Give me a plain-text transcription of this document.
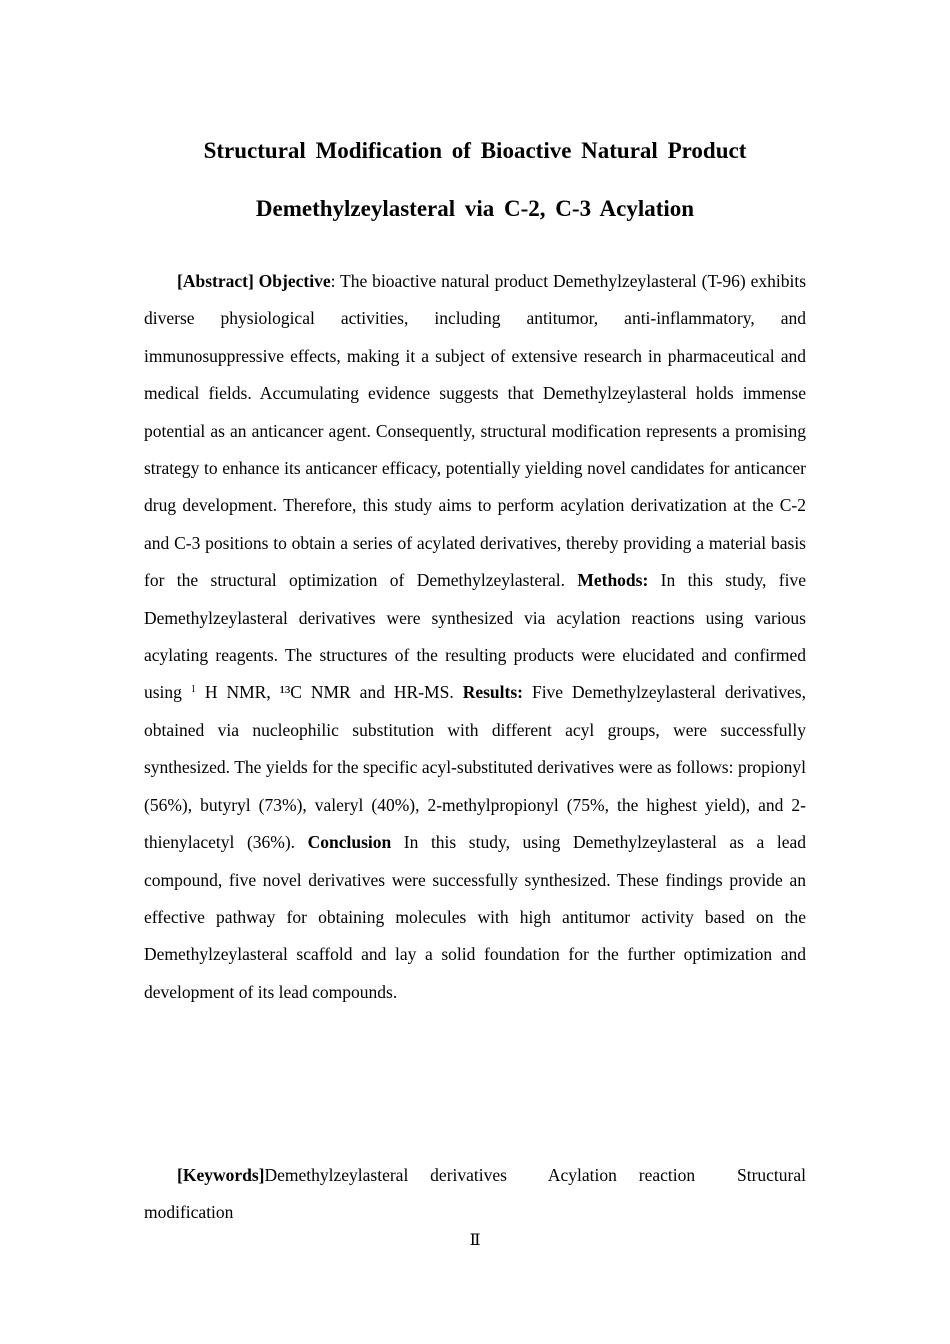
Structural Modification of Bioactive Natural Product
Demethylzeylasteral via C-2, C-3 Acylation

[Abstract] Objective: The bioactive natural product Demethylzeylasteral (T-96) exhibits diverse physiological activities, including antitumor, anti-inflammatory, and immunosuppressive effects, making it a subject of extensive research in pharmaceutical and medical fields. Accumulating evidence suggests that Demethylzeylasteral holds immense potential as an anticancer agent. Consequently, structural modification represents a promising strategy to enhance its anticancer efficacy, potentially yielding novel candidates for anticancer drug development. Therefore, this study aims to perform acylation derivatization at the C-2 and C-3 positions to obtain a series of acylated derivatives, thereby providing a material basis for the structural optimization of Demethylzeylasteral. Methods: In this study, five Demethylzeylasteral derivatives were synthesized via acylation reactions using various acylating reagents. The structures of the resulting products were elucidated and confirmed using $^1$ H NMR, ¹³C NMR and HR-MS. Results: Five Demethylzeylasteral derivatives, obtained via nucleophilic substitution with different acyl groups, were successfully synthesized. The yields for the specific acyl-substituted derivatives were as follows: propionyl (56%), butyryl (73%), valeryl (40%), 2-methylpropionyl (75%, the highest yield), and 2-thienylacetyl (36%). Conclusion In this study, using Demethylzeylasteral as a lead compound, five novel derivatives were successfully synthesized. These findings provide an effective pathway for obtaining molecules with high antitumor activity based on the Demethylzeylasteral scaffold and lay a solid foundation for the further optimization and development of its lead compounds.

[Keywords]Demethylzeylasteral derivatives Acylation reaction Structural modification

Ⅱ
